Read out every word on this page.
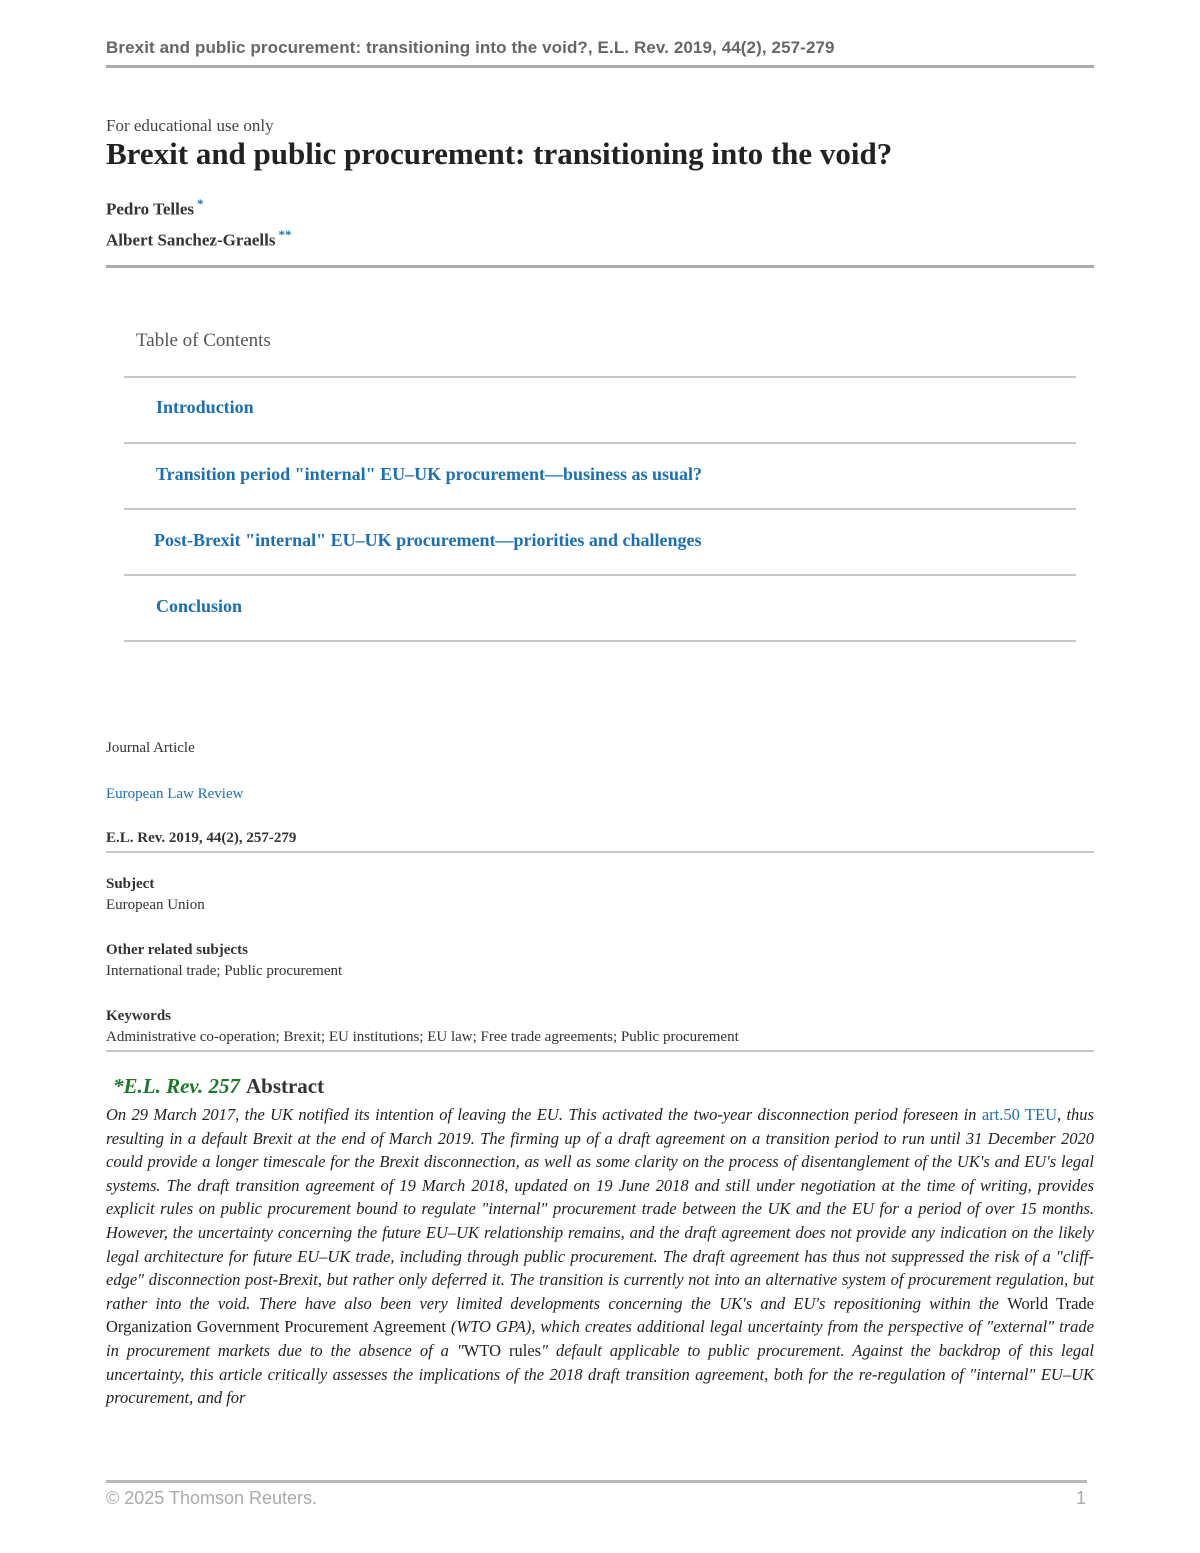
Brexit and public procurement: transitioning into the void?, E.L. Rev. 2019, 44(2), 257-279
For educational use only
Brexit and public procurement: transitioning into the void?
Pedro Telles *
Albert Sanchez-Graells **
Table of Contents
Introduction
Transition period "internal" EU–UK procurement—business as usual?
Post-Brexit "internal" EU–UK procurement—priorities and challenges
Conclusion
Journal Article
European Law Review
E.L. Rev. 2019, 44(2), 257-279
Subject
European Union
Other related subjects
International trade; Public procurement
Keywords
Administrative co-operation; Brexit; EU institutions; EU law; Free trade agreements; Public procurement
*E.L. Rev. 257 Abstract
On 29 March 2017, the UK notified its intention of leaving the EU. This activated the two-year disconnection period foreseen in art.50 TEU, thus resulting in a default Brexit at the end of March 2019. The firming up of a draft agreement on a transition period to run until 31 December 2020 could provide a longer timescale for the Brexit disconnection, as well as some clarity on the process of disentanglement of the UK's and EU's legal systems. The draft transition agreement of 19 March 2018, updated on 19 June 2018 and still under negotiation at the time of writing, provides explicit rules on public procurement bound to regulate "internal" procurement trade between the UK and the EU for a period of over 15 months. However, the uncertainty concerning the future EU–UK relationship remains, and the draft agreement does not provide any indication on the likely legal architecture for future EU–UK trade, including through public procurement. The draft agreement has thus not suppressed the risk of a "cliff-edge" disconnection post-Brexit, but rather only deferred it. The transition is currently not into an alternative system of procurement regulation, but rather into the void. There have also been very limited developments concerning the UK's and EU's repositioning within the World Trade Organization Government Procurement Agreement (WTO GPA), which creates additional legal uncertainty from the perspective of "external" trade in procurement markets due to the absence of a "WTO rules" default applicable to public procurement. Against the backdrop of this legal uncertainty, this article critically assesses the implications of the 2018 draft transition agreement, both for the re-regulation of "internal" EU–UK procurement, and for
© 2025 Thomson Reuters.	1
